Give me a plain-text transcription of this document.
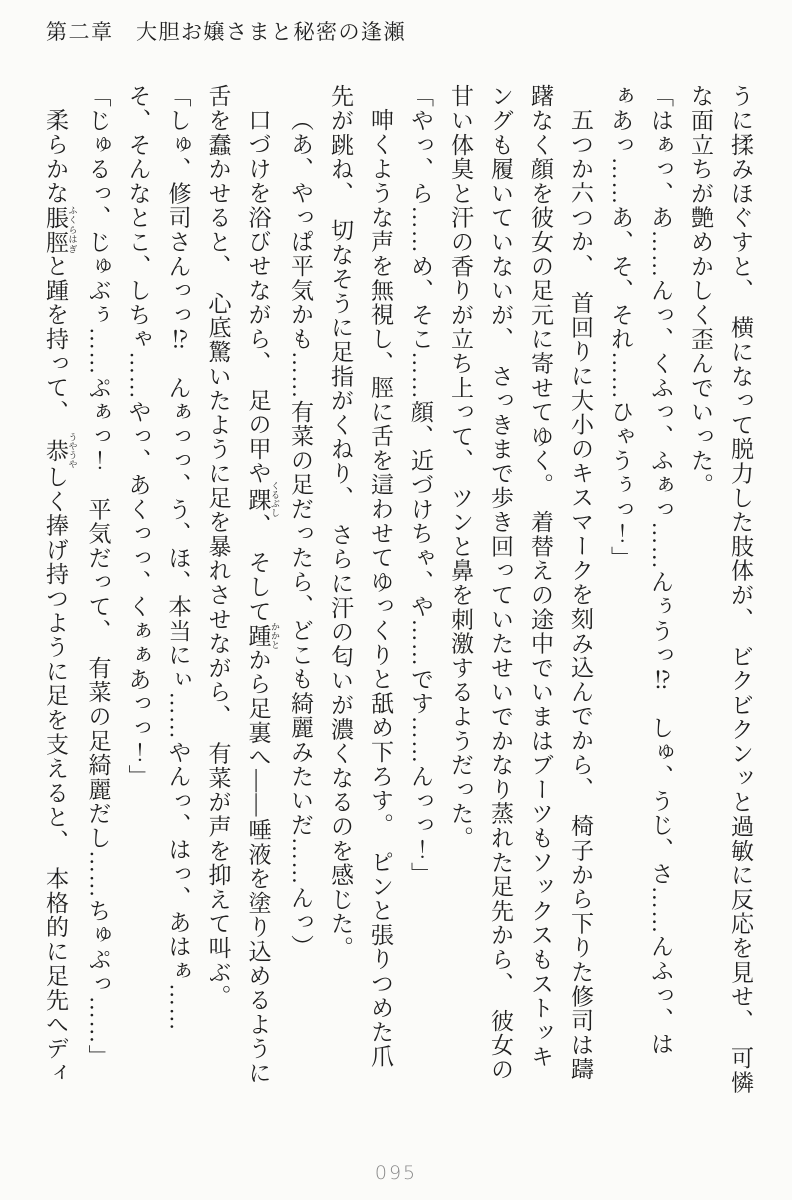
第二章　大胆お嬢さまと秘密の逢瀬

うに揉みほぐすと、　横になって脱力した肢体が、　ビクビクンッと過敏に反応を見せ、　可憐

な面立ちが艶めかしく歪んでいった。

「はぁっ、あ……んっ、くふっ、ふぁっ……んぅうっ⁉　しゅ、うじ、さ……んふっ、は

ぁあっ……あ、そ、それ……ひゃうぅっ！」

五つか六つか、　首回りに大小のキスマークを刻み込んでから、　椅子から下りた修司は躊

躇なく顔を彼女の足元に寄せてゆく。　着替えの途中でいまはブーツもソックスもストッキ

ングも履いていないが、　さっきまで歩き回っていたせいでかなり蒸れた足先から、　彼女の

甘い体臭と汗の香りが立ち上って、　ツンと鼻を刺激するようだった。

「やっ、ら……め、そこ……顔、近づけちゃ、や……です……んっっ！」

呻くような声を無視し、脛に舌を這わせてゆっくりと舐め下ろす。　ピンと張りつめた爪

先が跳ね、　切なそうに足指がくねり、　さらに汗の匂いが濃くなるのを感じた。

（あ、やっぱ平気かも……有菜の足だったら、どこも綺麗みたいだ……んっ）

口づけを浴びせながら、　足の甲や踝 くるぶし、　そして踵 かかとから足裏へ――唾液を塗り込めるように

舌を蠢かせると、　心底驚いたように足を暴れさせながら、　有菜が声を抑えて叫ぶ。

「しゅ、修司さんっっ⁉　んぁっっ、う、ほ、本当にぃ……やんっ、はっ、あはぁ……

そ、そんなとこ、しちゃ……やっ、あくっっ、くぁぁあっっ！」

「じゅるっ、じゅぶぅ……ぷぁっ！　平気だって、　有菜の足綺麗だし……ちゅぷっ……」

柔らかな脹脛 ふくらはぎと踵を持って、　恭 うやうやしく捧げ持つように足を支えると、　本格的に足先へディ

095
